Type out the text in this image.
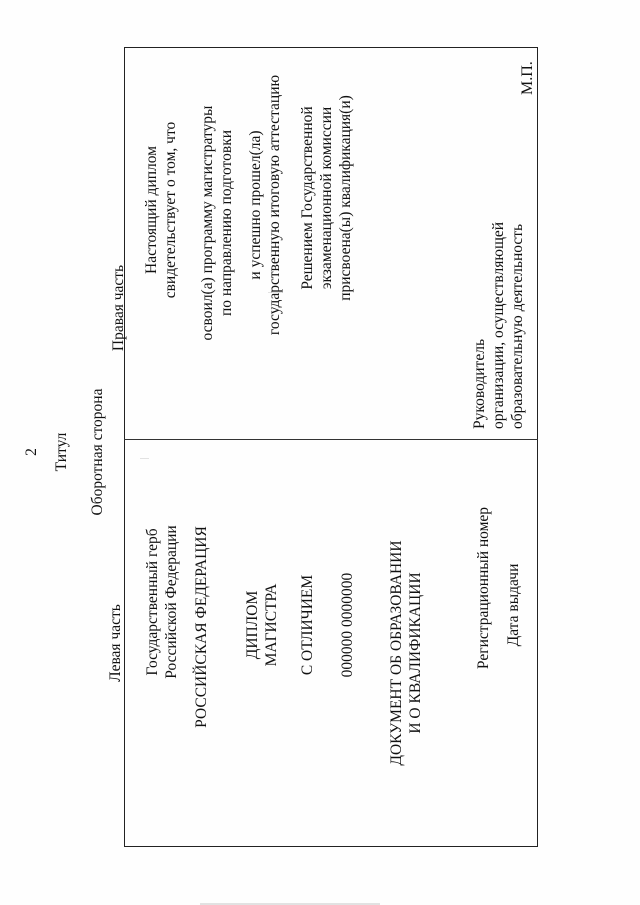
2 Титул Оборотная сторона
Левая часть Государственный герб Российской Федерации РОССИЙСКАЯ ФЕДЕРАЦИЯ ДИПЛОМ МАГИСТРА С ОТЛИЧИЕМ 000000 0000000 ДОКУМЕНТ ОБ ОБРАЗОВАНИИ И О КВАЛИФИКАЦИИ	Регистрационный номер Дата выдачи
Правая часть
Настоящий диплом свидетельствует о том, что освоил(а) программу магистратуры по направлению подготовки и успешно прошел(ла) государственную итоговую аттестацию Решением Государственной экзаменационной комиссии присвоена(ы) квалификация(и)
Руководитель организации, осуществляющей образовательную деятельность
М.П.
